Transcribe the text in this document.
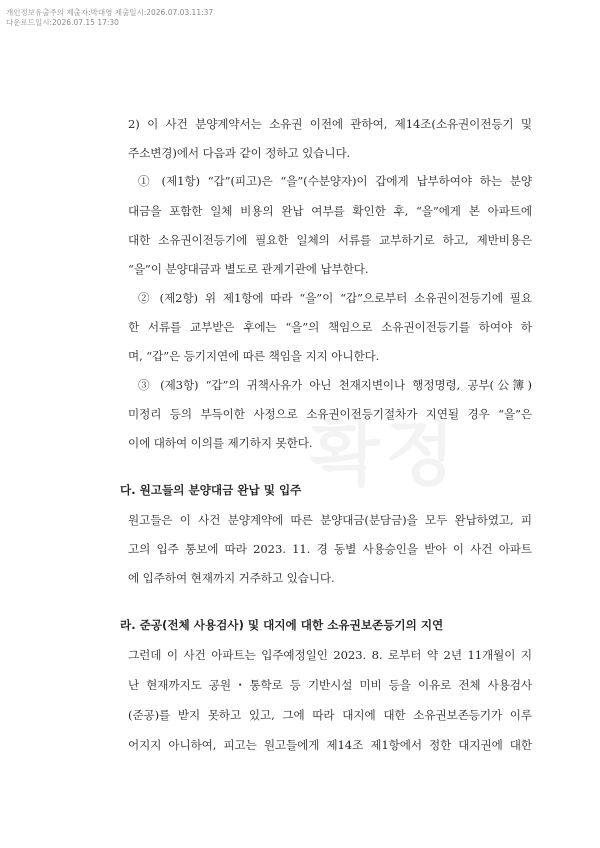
개인정보유출주의 제출자:박대영 제출일시:2026.07.03.11:37
다운로드일시:2026.07.15 17:30
확정
2) 이 사건 분양계약서는 소유권 이전에 관하여, 제14조(소유권이전등기 및
주소변경)에서 다음과 같이 정하고 있습니다.
① (제1항) “갑”(피고)은 “을”(수분양자)이 갑에게 납부하여야 하는 분양
대금을 포함한 일체 비용의 완납 여부를 확인한 후, “을”에게 본 아파트에
대한 소유권이전등기에 필요한 일체의 서류를 교부하기로 하고, 제반비용은
“을”이 분양대금과 별도로 관계기관에 납부한다.
② (제2항) 위 제1항에 따라 “을”이 “갑”으로부터 소유권이전등기에 필요
한 서류를 교부받은 후에는 “을”의 책임으로 소유권이전등기를 하여야 하
며, “갑”은 등기지연에 따른 책임을 지지 아니한다.
③ (제3항) “갑”의 귀책사유가 아닌 천재지변이나 행정명령, 공부(公簿)
미정리 등의 부득이한 사정으로 소유권이전등기절차가 지연될 경우 “을”은
이에 대하여 이의를 제기하지 못한다.
다. 원고들의 분양대금 완납 및 입주
원고들은 이 사건 분양계약에 따른 분양대금(분담금)을 모두 완납하였고, 피
고의 입주 통보에 따라 2023. 11. 경 동별 사용승인을 받아 이 사건 아파트
에 입주하여 현재까지 거주하고 있습니다.
라. 준공(전체 사용검사) 및 대지에 대한 소유권보존등기의 지연
그런데 이 사건 아파트는 입주예정일인 2023. 8. 로부터 약 2년 11개월이 지
난 현재까지도 공원・통학로 등 기반시설 미비 등을 이유로 전체 사용검사
(준공)를 받지 못하고 있고, 그에 따라 대지에 대한 소유권보존등기가 이루
어지지 아니하여, 피고는 원고들에게 제14조 제1항에서 정한 대지권에 대한
